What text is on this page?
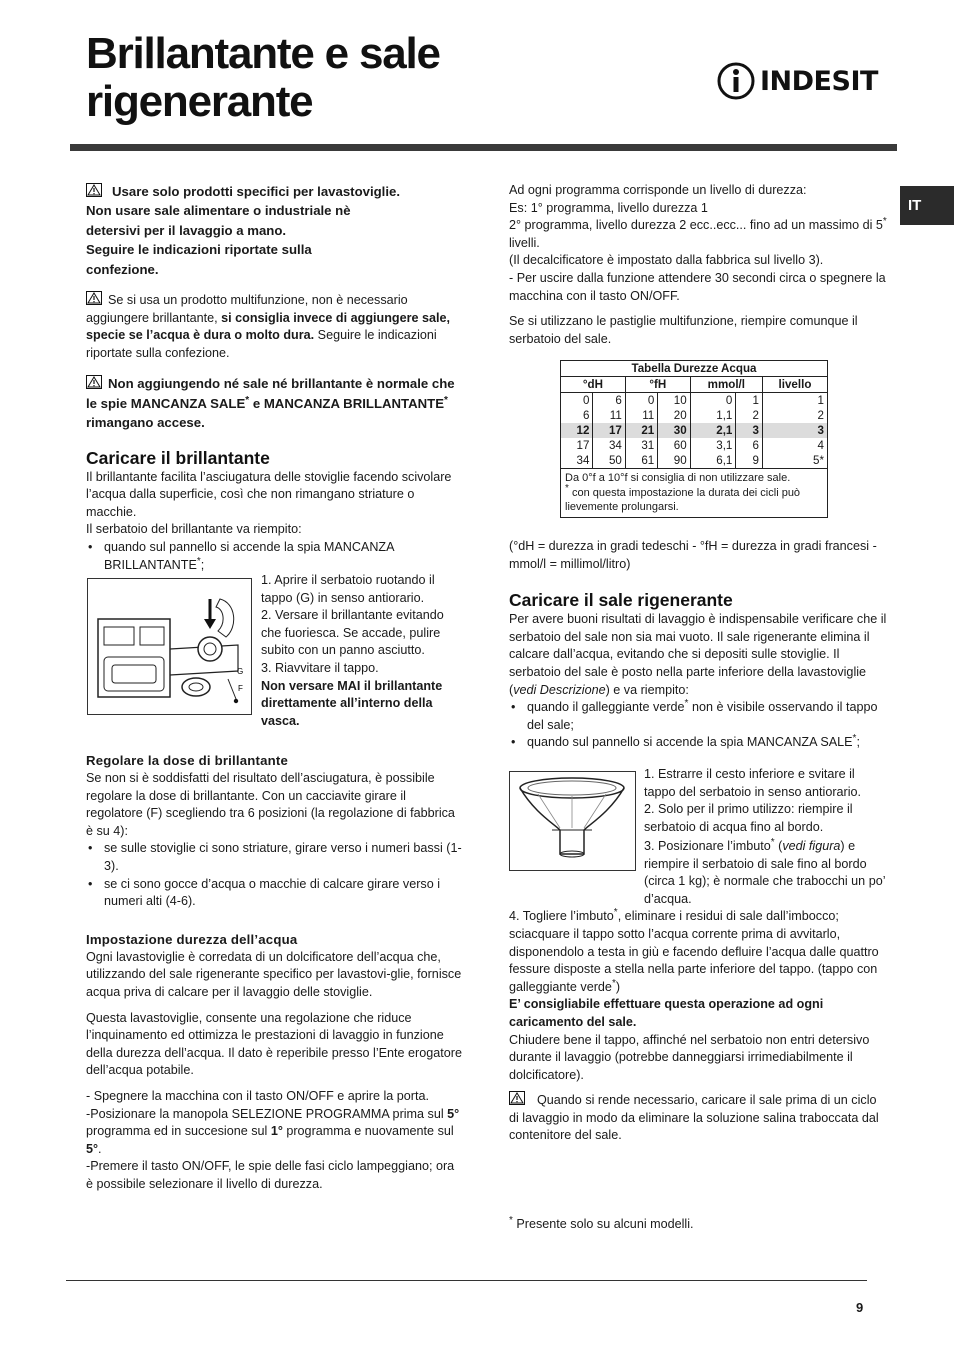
Brillantante e sale
rigenerante	INDESIT
IT
Usare solo prodotti specifici per lavastoviglie.
Non usare sale alimentare o industriale nè
detersivi per il lavaggio a mano.
Seguire le indicazioni riportate sulla
confezione.

Se si usa un prodotto multifunzione, non è necessario aggiungere brillantante, si consiglia invece di aggiungere sale, specie se l’acqua è dura o molto dura. Seguire le indicazioni riportate sulla confezione.

Non aggiungendo né sale né brillantante è normale che le spie MANCANZA SALE* e MANCANZA BRILLANTANTE* rimangano accese.

Caricare il brillantante

Il brillantante facilita l’asciugatura delle stoviglie facendo scivolare l’acqua dalla superficie, così che non rimangano striature o macchie.

Il serbatoio del brillantante va riempito:

• quando sul pannello si accende la spia MANCANZA BRILLANTANTE*;
G
F

1. Aprire il serbatoio ruotando il tappo (G) in senso antiorario.

2. Versare il brillantante evitando che fuoriesca. Se accade, pulire subito con un panno asciutto.

3. Riavvitare il tappo.

Non versare MAI il brillantante direttamente all’interno della vasca.

Regolare la dose di brillantante

Se non si è soddisfatti del risultato dell’asciugatura, è possibile regolare la dose di brillantante. Con un cacciavite girare il regolatore (F) scegliendo tra 6 posizioni (la regolazione di fabbrica è su 4):

• se sulle stoviglie ci sono striature, girare verso i numeri bassi (1-3).
• se ci sono gocce d’acqua o macchie di calcare girare verso i numeri alti (4-6).
Impostazione durezza dell’acqua

Ogni lavastoviglie è corredata di un dolcificatore dell’acqua che, utilizzando del sale rigenerante specifico per lavastovi-glie, fornisce acqua priva di calcare per il lavaggio delle stoviglie.

Questa lavastoviglie, consente una regolazione che riduce l’inquinamento ed ottimizza le prestazioni di lavaggio in funzione della durezza dell’acqua. Il dato è reperibile presso l’Ente erogatore dell’acqua potabile.

- Spegnere la macchina con il tasto ON/OFF e aprire la porta.

-Posizionare la manopola SELEZIONE PROGRAMMA prima sul 5° programma ed in succesione sul 1° programma e nuovamente sul 5°.

-Premere il tasto ON/OFF, le spie delle fasi ciclo lampeggiano; ora è possibile selezionare il livello di durezza.

Ad ogni programma corrisponde un livello di durezza:

Es: 1° programma, livello durezza 1

2° programma, livello durezza 2 ecc..ecc... fino ad un massimo di 5* livelli.

(Il decalcificatore è impostato dalla fabbrica sul livello 3).

- Per uscire dalla funzione attendere 30 secondi circa o spegnere la macchina con il tasto ON/OFF.

Se si utilizzano le pastiglie multifunzione, riempire comunque il serbatoio del sale.

Tabella Durezze Acqua						
°dH		°fH		mmol/l		livello
0	6	0	10	0	1	1
6	11	11	20	1,1	2	2
12	17	21	30	2,1	3	3
17	34	31	60	3,1	6	4
34	50	61	90	6,1	9	5*

Da 0°f a 10°f si consiglia di non utilizzare sale.
* con questa impostazione la durata dei cicli può lievemente prolungarsi.						

(°dH = durezza in gradi tedeschi - °fH = durezza in gradi francesi - mmol/l = millimol/litro)

Caricare il sale rigenerante

Per avere buoni risultati di lavaggio è indispensabile verificare che il serbatoio del sale non sia mai vuoto. Il sale rigenerante elimina il calcare dall’acqua, evitando che si depositi sulle stoviglie. Il serbatoio del sale è posto nella parte inferiore della lavastoviglie (vedi Descrizione) e va riempito:

• quando il galleggiante verde* non è visibile osservando il tappo del sale;
• quando sul pannello si accende la spia MANCANZA SALE*;

1. Estrarre il cesto inferiore e svitare il tappo del serbatoio in senso antiorario.

2. Solo per il primo utilizzo: riempire il serbatoio di acqua fino al bordo.

3. Posizionare l’imbuto* (vedi figura) e riempire il serbatoio di sale fino al bordo (circa 1 kg); è normale che trabocchi un po’ d’acqua.

4. Togliere l’imbuto*, eliminare i residui di sale dall’imbocco; sciacquare il tappo sotto l’acqua corrente prima di avvitarlo, disponendolo a testa in giù e facendo defluire l’acqua dalle quattro fessure disposte a stella nella parte inferiore del tappo. (tappo con galleggiante verde*)

E’ consigliabile effettuare questa operazione ad ogni caricamento del sale.

Chiudere bene il tappo, affinché nel serbatoio non entri detersivo durante il lavaggio (potrebbe danneggiarsi irrimediabilmente il dolcificatore).

Quando si rende necessario, caricare il sale prima di un ciclo di lavaggio in modo da eliminare la soluzione salina traboccata dal contenitore del sale.

* Presente solo su alcuni modelli.

9
